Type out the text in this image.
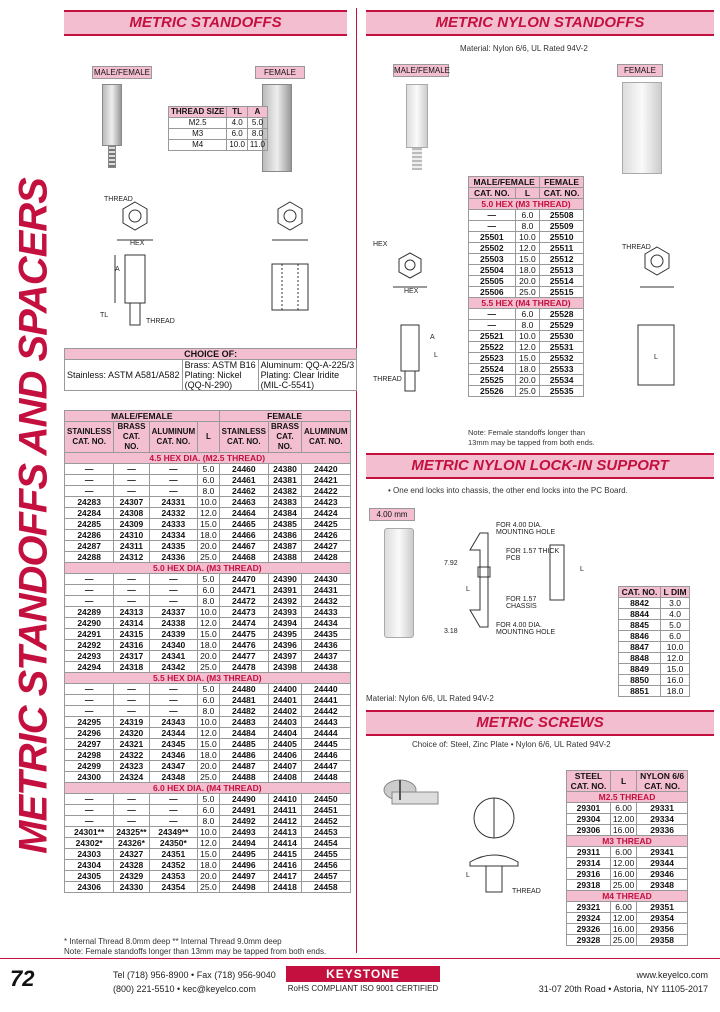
METRIC STANDOFFS AND SPACERS
METRIC STANDOFFS
MALE/FEMALE	FEMALE
THREAD SIZE	TL	A
M2.5	4.0	5.0
M3	6.0	8.0
M4	10.0	11.0
THREAD
HEX
A
TL
THREAD
CHOICE OF:
Stainless: ASTM A581/A582	
Brass: ASTM B16
Plating: Nickel
(QQ-N-290)

Aluminum: QQ-A-225/3
Plating: Clear Iridite
(MIL-C-5541)
MALE/FEMALE				FEMALE		
STAINLESS CAT. NO.	BRASS CAT. NO.	ALUMINUM CAT. NO.	L	STAINLESS CAT. NO.	BRASS CAT. NO.	ALUMINUM CAT. NO.
4.5 HEX DIA. (M2.5 THREAD)						
—	—	—	5.0	24460	24380	24420
—	—	—	6.0	24461	24381	24421
—	—	—	8.0	24462	24382	24422
24283	24307	24331	10.0	24463	24383	24423
24284	24308	24332	12.0	24464	24384	24424
24285	24309	24333	15.0	24465	24385	24425
24286	24310	24334	18.0	24466	24386	24426
24287	24311	24335	20.0	24467	24387	24427
24288	24312	24336	25.0	24468	24388	24428
5.0 HEX DIA. (M3 THREAD)						
—	—	—	5.0	24470	24390	24430
—	—	—	6.0	24471	24391	24431
—	—	—	8.0	24472	24392	24432
24289	24313	24337	10.0	24473	24393	24433
24290	24314	24338	12.0	24474	24394	24434
24291	24315	24339	15.0	24475	24395	24435
24292	24316	24340	18.0	24476	24396	24436
24293	24317	24341	20.0	24477	24397	24437
24294	24318	24342	25.0	24478	24398	24438
5.5 HEX DIA. (M3 THREAD)						
—	—	—	5.0	24480	24400	24440
—	—	—	6.0	24481	24401	24441
—	—	—	8.0	24482	24402	24442
24295	24319	24343	10.0	24483	24403	24443
24296	24320	24344	12.0	24484	24404	24444
24297	24321	24345	15.0	24485	24405	24445
24298	24322	24346	18.0	24486	24406	24446
24299	24323	24347	20.0	24487	24407	24447
24300	24324	24348	25.0	24488	24408	24448
6.0 HEX DIA. (M4 THREAD)						
—	—	—	5.0	24490	24410	24450
—	—	—	6.0	24491	24411	24451
—	—	—	8.0	24492	24412	24452
24301**	24325**	24349**	10.0	24493	24413	24453
24302*	24326*	24350*	12.0	24494	24414	24454
24303	24327	24351	15.0	24495	24415	24455
24304	24328	24352	18.0	24496	24416	24456
24305	24329	24353	20.0	24497	24417	24457
24306	24330	24354	25.0	24498	24418	24458
* Internal Thread 8.0mm deep ** Internal Thread 9.0mm deep
Note: Female standoffs longer than 13mm may be tapped from both ends.
METRIC NYLON STANDOFFS
Material: Nylon 6/6, UL Rated 94V-2
MALE/FEMALE	FEMALE
MALE/FEMALE		FEMALE
CAT. NO.	L	CAT. NO.
5.0 HEX (M3 THREAD)		
—	6.0	25508
—	8.0	25509
25501	10.0	25510
25502	12.0	25511
25503	15.0	25512
25504	18.0	25513
25505	20.0	25514
25506	25.0	25515
5.5 HEX (M4 THREAD)		
—	6.0	25528
—	8.0	25529
25521	10.0	25530
25522	12.0	25531
25523	15.0	25532
25524	18.0	25533
25525	20.0	25534
25526	25.0	25535
Note: Female standoffs longer than 13mm may be tapped from both ends.
HEX
HEX
A
L
THREAD
THREAD
L
METRIC NYLON LOCK-IN SUPPORT
• One end locks into chassis, the other end locks into the PC Board.
4.00 mm
FOR 4.00 DIA. MOUNTING HOLE
FOR 1.57 THICK PCB
FOR 1.57 CHASSIS
FOR 4.00 DIA. MOUNTING HOLE
7.92
3.18
L
L
CAT. NO.	L DIM
8842	3.0
8844	4.0
8845	5.0
8846	6.0
8847	10.0
8848	12.0
8849	15.0
8850	16.0
8851	18.0
Material: Nylon 6/6, UL Rated 94V-2
METRIC SCREWS
Choice of: Steel, Zinc Plate • Nylon 6/6, UL Rated 94V-2
L
THREAD
STEEL CAT. NO.	L	NYLON 6/6 CAT. NO.
M2.5 THREAD		
29301	6.00	29331
29304	12.00	29334
29306	16.00	29336
M3 THREAD		
29311	6.00	29341
29314	12.00	29344
29316	16.00	29346
29318	25.00	29348
M4 THREAD		
29321	6.00	29351
29324	12.00	29354
29326	16.00	29356
29328	25.00	29358
72	Tel (718) 956-8900 • Fax (718) 956-9040
(800) 221-5510 • kec@keyelco.com
KEYSTONE
RoHS COMPLIANT ISO 9001 CERTIFIED
www.keyelco.com
31-07 20th Road • Astoria, NY 11105-2017
